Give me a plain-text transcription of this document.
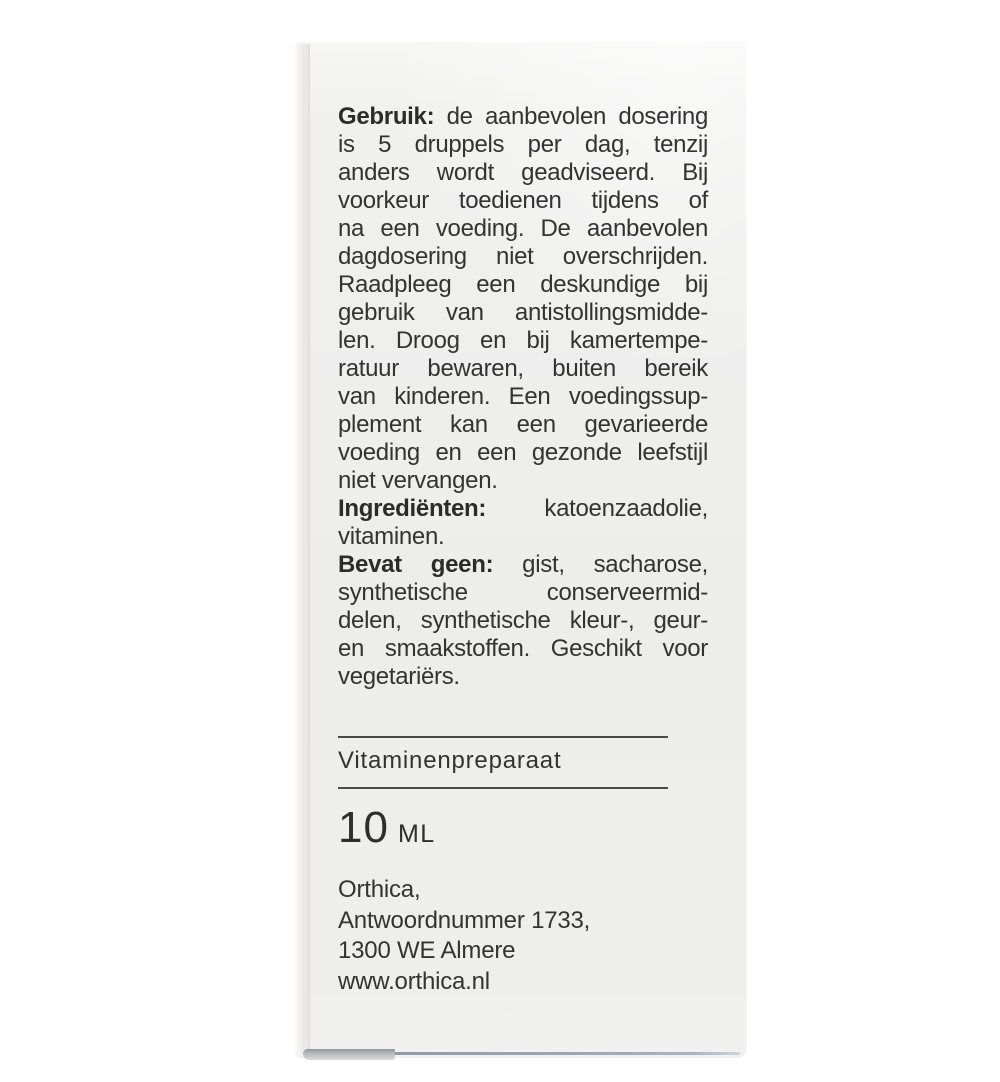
Gebruik: de aanbevolen dosering
is 5 druppels per dag, tenzij
anders wordt geadviseerd. Bij
voorkeur toedienen tijdens of
na een voeding. De aanbevolen
dagdosering niet overschrijden.
Raadpleeg een deskundige bij
gebruik van antistollingsmidde-
len. Droog en bij kamertempe-
ratuur bewaren, buiten bereik
van kinderen. Een voedingssup-
plement kan een gevarieerde
voeding en een gezonde leefstijl
niet vervangen.
Ingrediënten: katoenzaadolie,
vitaminen.
Bevat geen: gist, sacharose,
synthetische conserveermid-
delen, synthetische kleur-, geur-
en smaakstoffen. Geschikt voor
vegetariërs.
Vitaminenpreparaat
10 ML
Orthica,
Antwoordnummer 1733,
1300 WE Almere
www.orthica.nl
